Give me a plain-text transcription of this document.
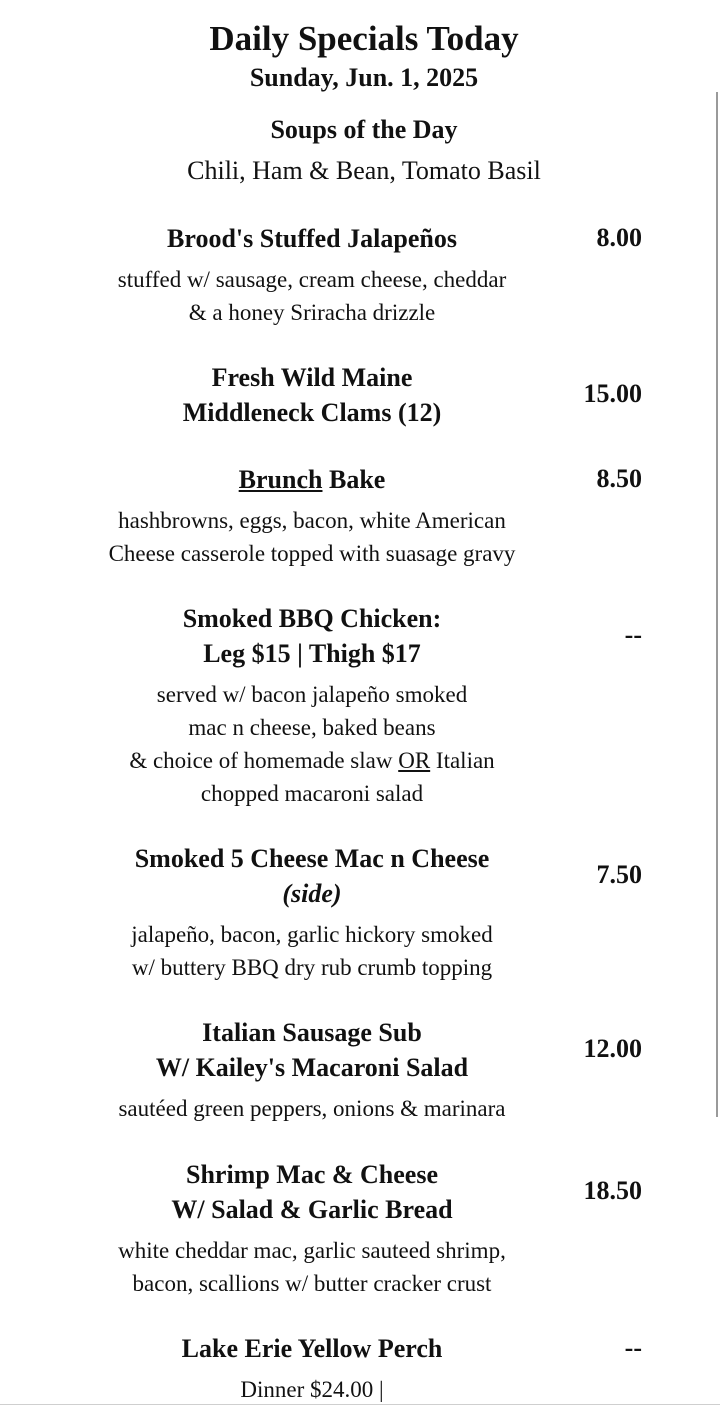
Daily Specials Today
Sunday, Jun. 1, 2025
Soups of the Day
Chili, Ham & Bean, Tomato Basil
Brood's Stuffed Jalapeños	8.00
stuffed w/ sausage, cream cheese, cheddar
& a honey Sriracha drizzle
Fresh Wild Maine
Middleneck Clams (12)
15.00
Brunch Bake	8.50
hashbrowns, eggs, bacon, white American
Cheese casserole topped with suasage gravy
Smoked BBQ Chicken:
Leg $15 | Thigh $17
--
served w/ bacon jalapeño smoked
mac n cheese, baked beans
& choice of homemade slaw OR Italian
chopped macaroni salad
Smoked 5 Cheese Mac n Cheese
(side)
7.50
jalapeño, bacon, garlic hickory smoked
w/ buttery BBQ dry rub crumb topping
Italian Sausage Sub
W/ Kailey's Macaroni Salad
12.00
sautéed green peppers, onions & marinara
Shrimp Mac & Cheese
W/ Salad & Garlic Bread
18.50
white cheddar mac, garlic sauteed shrimp,
bacon, scallions w/ butter cracker crust
Lake Erie Yellow Perch	--
Dinner $24.00 |
